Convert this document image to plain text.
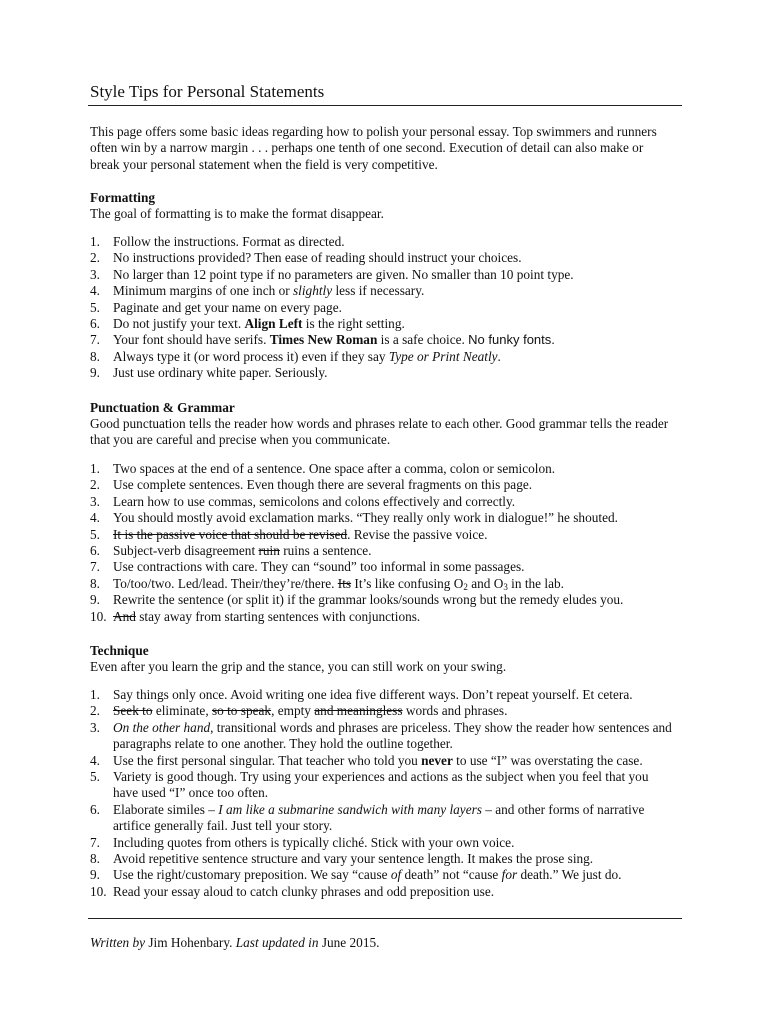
Style Tips for Personal Statements
This page offers some basic ideas regarding how to polish your personal essay. Top swimmers and runners often win by a narrow margin . . . perhaps one tenth of one second. Execution of detail can also make or break your personal statement when the field is very competitive.
Formatting
The goal of formatting is to make the format disappear.
1. Follow the instructions. Format as directed.
2. No instructions provided? Then ease of reading should instruct your choices.
3. No larger than 12 point type if no parameters are given. No smaller than 10 point type.
4. Minimum margins of one inch or slightly less if necessary.
5. Paginate and get your name on every page.
6. Do not justify your text. Align Left is the right setting.
7. Your font should have serifs. Times New Roman is a safe choice. No funky fonts.
8. Always type it (or word process it) even if they say Type or Print Neatly.
9. Just use ordinary white paper. Seriously.
Punctuation & Grammar
Good punctuation tells the reader how words and phrases relate to each other. Good grammar tells the reader that you are careful and precise when you communicate.
1. Two spaces at the end of a sentence. One space after a comma, colon or semicolon.
2. Use complete sentences. Even though there are several fragments on this page.
3. Learn how to use commas, semicolons and colons effectively and correctly.
4. You should mostly avoid exclamation marks. “They really only work in dialogue!” he shouted.
5. It is the passive voice that should be revised. Revise the passive voice.
6. Subject-verb disagreement ruin ruins a sentence.
7. Use contractions with care. They can “sound” too informal in some passages.
8. To/too/two. Led/lead. Their/they’re/there. Its It’s like confusing $O_2$ and $O_3$ in the lab.
9. Rewrite the sentence (or split it) if the grammar looks/sounds wrong but the remedy eludes you.
10. And stay away from starting sentences with conjunctions.
Technique
Even after you learn the grip and the stance, you can still work on your swing.
1. Say things only once. Avoid writing one idea five different ways. Don’t repeat yourself. Et cetera.
2. Seek to eliminate, so to speak, empty and meaningless words and phrases.
3. On the other hand, transitional words and phrases are priceless. They show the reader how sentences and paragraphs relate to one another. They hold the outline together.
4. Use the first personal singular. That teacher who told you never to use “I” was overstating the case.
5. Variety is good though. Try using your experiences and actions as the subject when you feel that you have used “I” once too often.
6. Elaborate similes – I am like a submarine sandwich with many layers – and other forms of narrative artifice generally fail. Just tell your story.
7. Including quotes from others is typically cliché. Stick with your own voice.
8. Avoid repetitive sentence structure and vary your sentence length. It makes the prose sing.
9. Use the right/customary preposition. We say “cause of death” not “cause for death.” We just do.
10. Read your essay aloud to catch clunky phrases and odd preposition use.
Written by Jim Hohenbary. Last updated in June 2015.
